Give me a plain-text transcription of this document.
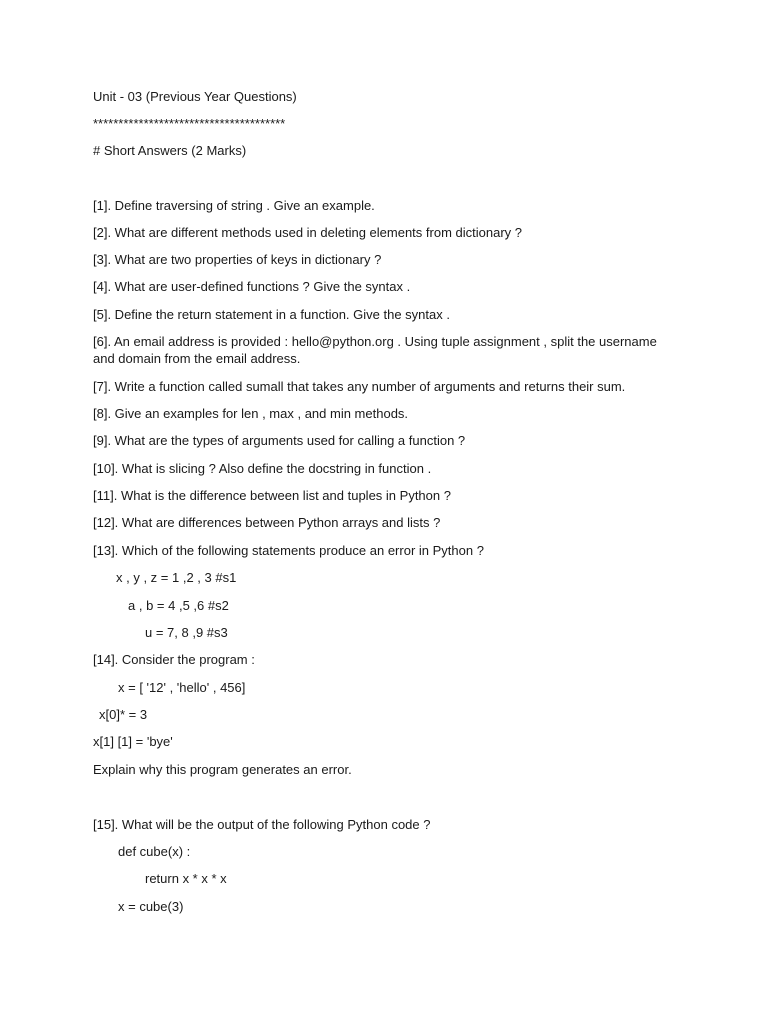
Unit - 03 (Previous Year Questions)
**************************************
# Short Answers (2 Marks)
[1]. Define traversing of string . Give an example.
[2]. What are different methods used in deleting elements from dictionary ?
[3]. What are two properties of keys in dictionary ?
[4]. What are user-defined functions ? Give the syntax .
[5]. Define the return statement in a function. Give the syntax .
[6]. An email address is provided : hello@python.org . Using tuple assignment , split the username and domain from the email address.
[7]. Write a function called sumall that takes any number of arguments and returns their sum.
[8]. Give an examples for len , max , and min methods.
[9]. What are the types of arguments used for calling a function ?
[10]. What is slicing ? Also define the docstring in function .
[11]. What is the difference between list and tuples in Python ?
[12]. What are differences between Python arrays and lists ?
[13]. Which of the following statements produce an error in Python ?
x , y , z = 1 ,2 , 3 #s1
a , b = 4 ,5 ,6 #s2
u = 7, 8 ,9 #s3
[14]. Consider the program :
x = [ '12' , 'hello' , 456]
x[0]* = 3
x[1] [1] = 'bye'
Explain why this program generates an error.
[15]. What will be the output of the following Python code ?
def cube(x) :
return x * x * x
x = cube(3)
